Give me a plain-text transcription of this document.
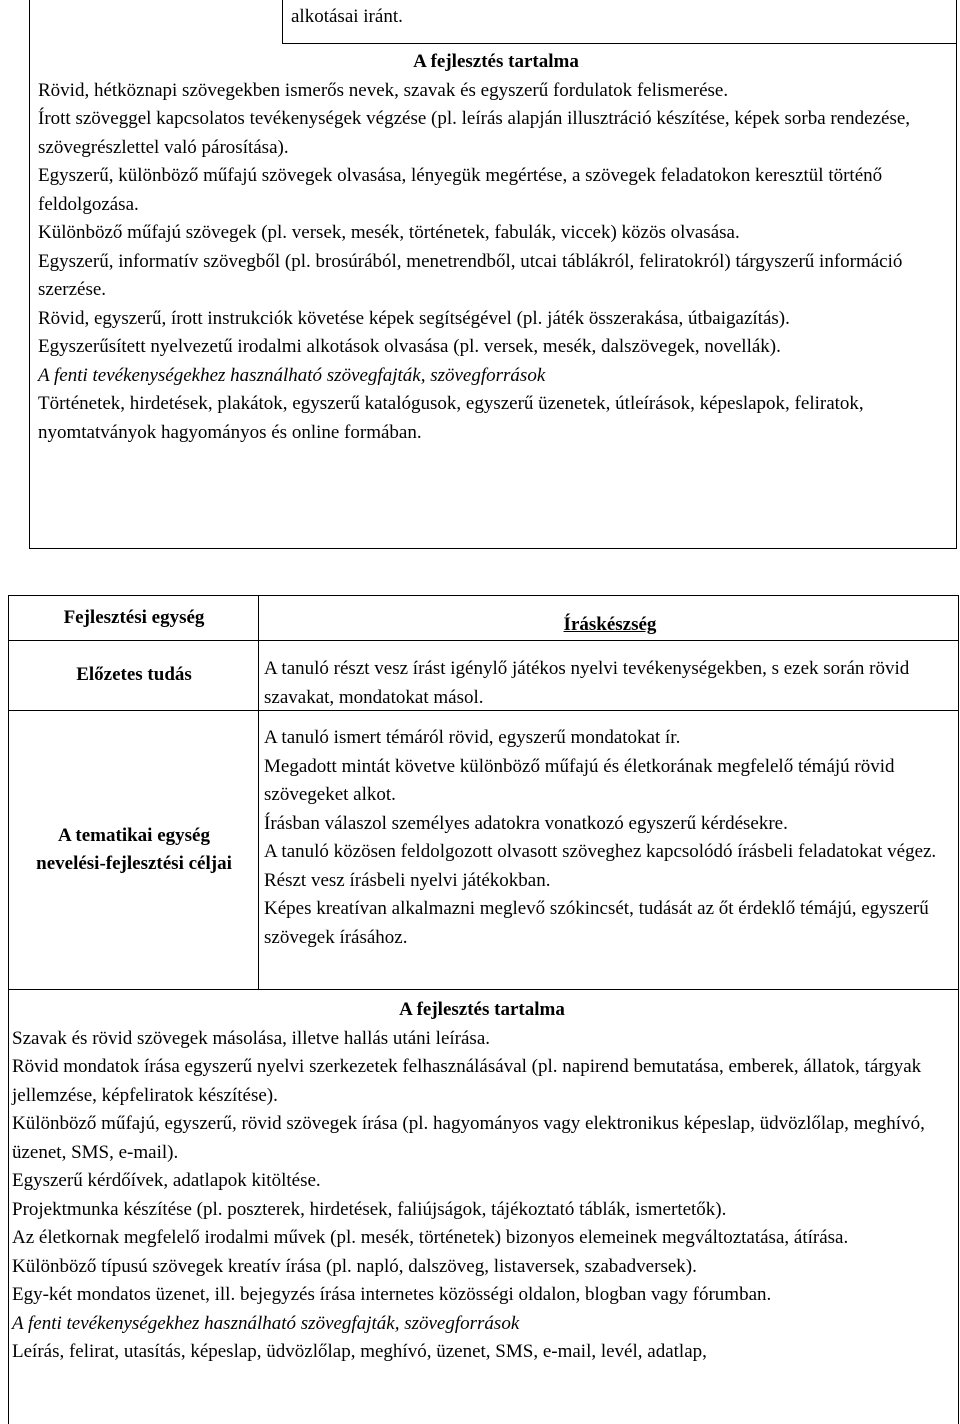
alkotásai iránt.

A fejlesztés tartalma

Rövid, hétköznapi szövegekben ismerős nevek, szavak és egyszerű fordulatok felismerése.

Írott szöveggel kapcsolatos tevékenységek végzése (pl. leírás alapján illusztráció készítése, képek sorba rendezése, szövegrészlettel való párosítása).

Egyszerű, különböző műfajú szövegek olvasása, lényegük megértése, a szövegek feladatokon keresztül történő feldolgozása.

Különböző műfajú szövegek (pl. versek, mesék, történetek, fabulák, viccek) közös olvasása.

Egyszerű, informatív szövegből (pl. brosúrából, menetrendből, utcai táblákról, feliratokról) tárgyszerű információ szerzése.

Rövid, egyszerű, írott instrukciók követése képek segítségével (pl. játék összerakása, útbaigazítás).

Egyszerűsített nyelvezetű irodalmi alkotások olvasása (pl. versek, mesék, dalszövegek, novellák).

A fenti tevékenységekhez használható szövegfajták, szövegforrások

Történetek, hirdetések, plakátok, egyszerű katalógusok, egyszerű üzenetek, útleírások, képeslapok, feliratok, nyomtatványok hagyományos és online formában.

Fejlesztési egység	Íráskészség
Előzetes tudás	A tanuló részt vesz írást igénylő játékos nyelvi tevékenységekben, s ezek során rövid szavakat, mondatokat másol.
A tematikai egység nevelési-fejlesztési céljai

A tanuló ismert témáról rövid, egyszerű mondatokat ír.

Megadott mintát követve különböző műfajú és életkorának megfelelő témájú rövid szövegeket alkot.

Írásban válaszol személyes adatokra vonatkozó egyszerű kérdésekre.

A tanuló közösen feldolgozott olvasott szöveghez kapcsolódó írásbeli feladatokat végez.

Részt vesz írásbeli nyelvi játékokban.

Képes kreatívan alkalmazni meglevő szókincsét, tudását az őt érdeklő témájú, egyszerű szövegek írásához.

A fejlesztés tartalma

Szavak és rövid szövegek másolása, illetve hallás utáni leírása.

Rövid mondatok írása egyszerű nyelvi szerkezetek felhasználásával (pl. napirend bemutatása, emberek, állatok, tárgyak jellemzése, képfeliratok készítése).

Különböző műfajú, egyszerű, rövid szövegek írása (pl. hagyományos vagy elektronikus képeslap, üdvözlőlap, meghívó, üzenet, SMS, e-mail).

Egyszerű kérdőívek, adatlapok kitöltése.

Projektmunka készítése (pl. poszterek, hirdetések, faliújságok, tájékoztató táblák, ismertetők).

Az életkornak megfelelő irodalmi művek (pl. mesék, történetek) bizonyos elemeinek megváltoztatása, átírása.

Különböző típusú szövegek kreatív írása (pl. napló, dalszöveg, listaversek, szabadversek).

Egy-két mondatos üzenet, ill. bejegyzés írása internetes közösségi oldalon, blogban vagy fórumban.

A fenti tevékenységekhez használható szövegfajták, szövegforrások

Leírás, felirat, utasítás, képeslap, üdvözlőlap, meghívó, üzenet, SMS, e-mail, levél, adatlap,
